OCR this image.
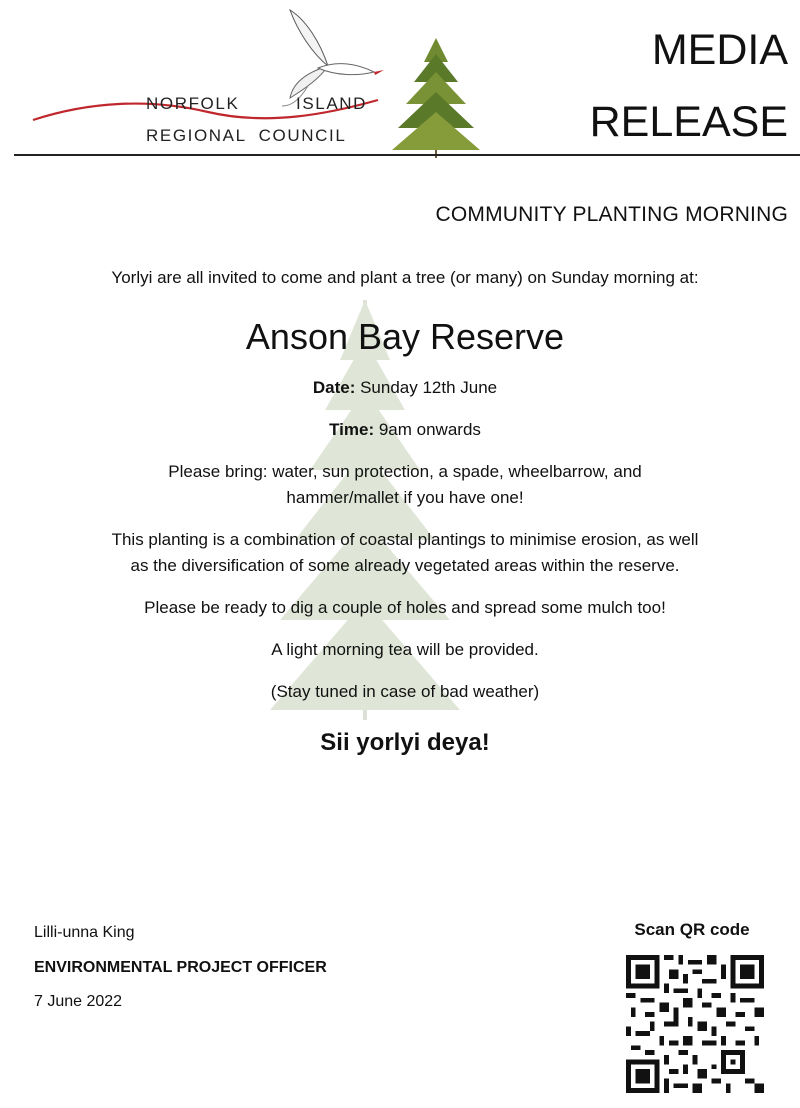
NORFOLK	ISLAND
REGIONAL  COUNCIL
MEDIA
RELEASE
COMMUNITY PLANTING MORNING
Yorlyi are all invited to come and plant a tree (or many) on Sunday morning at:
Anson Bay Reserve
Date: Sunday 12th June
Time: 9am onwards
Please bring: water, sun protection, a spade, wheelbarrow, and
hammer/mallet if you have one!
This planting is a combination of coastal plantings to minimise erosion, as well
as the diversification of some already vegetated areas within the reserve.
Please be ready to dig a couple of holes and spread some mulch too!
A light morning tea will be provided.
(Stay tuned in case of bad weather)
Sii yorlyi deya!
Lilli-unna King
ENVIRONMENTAL PROJECT OFFICER
7 June 2022
Scan QR code
